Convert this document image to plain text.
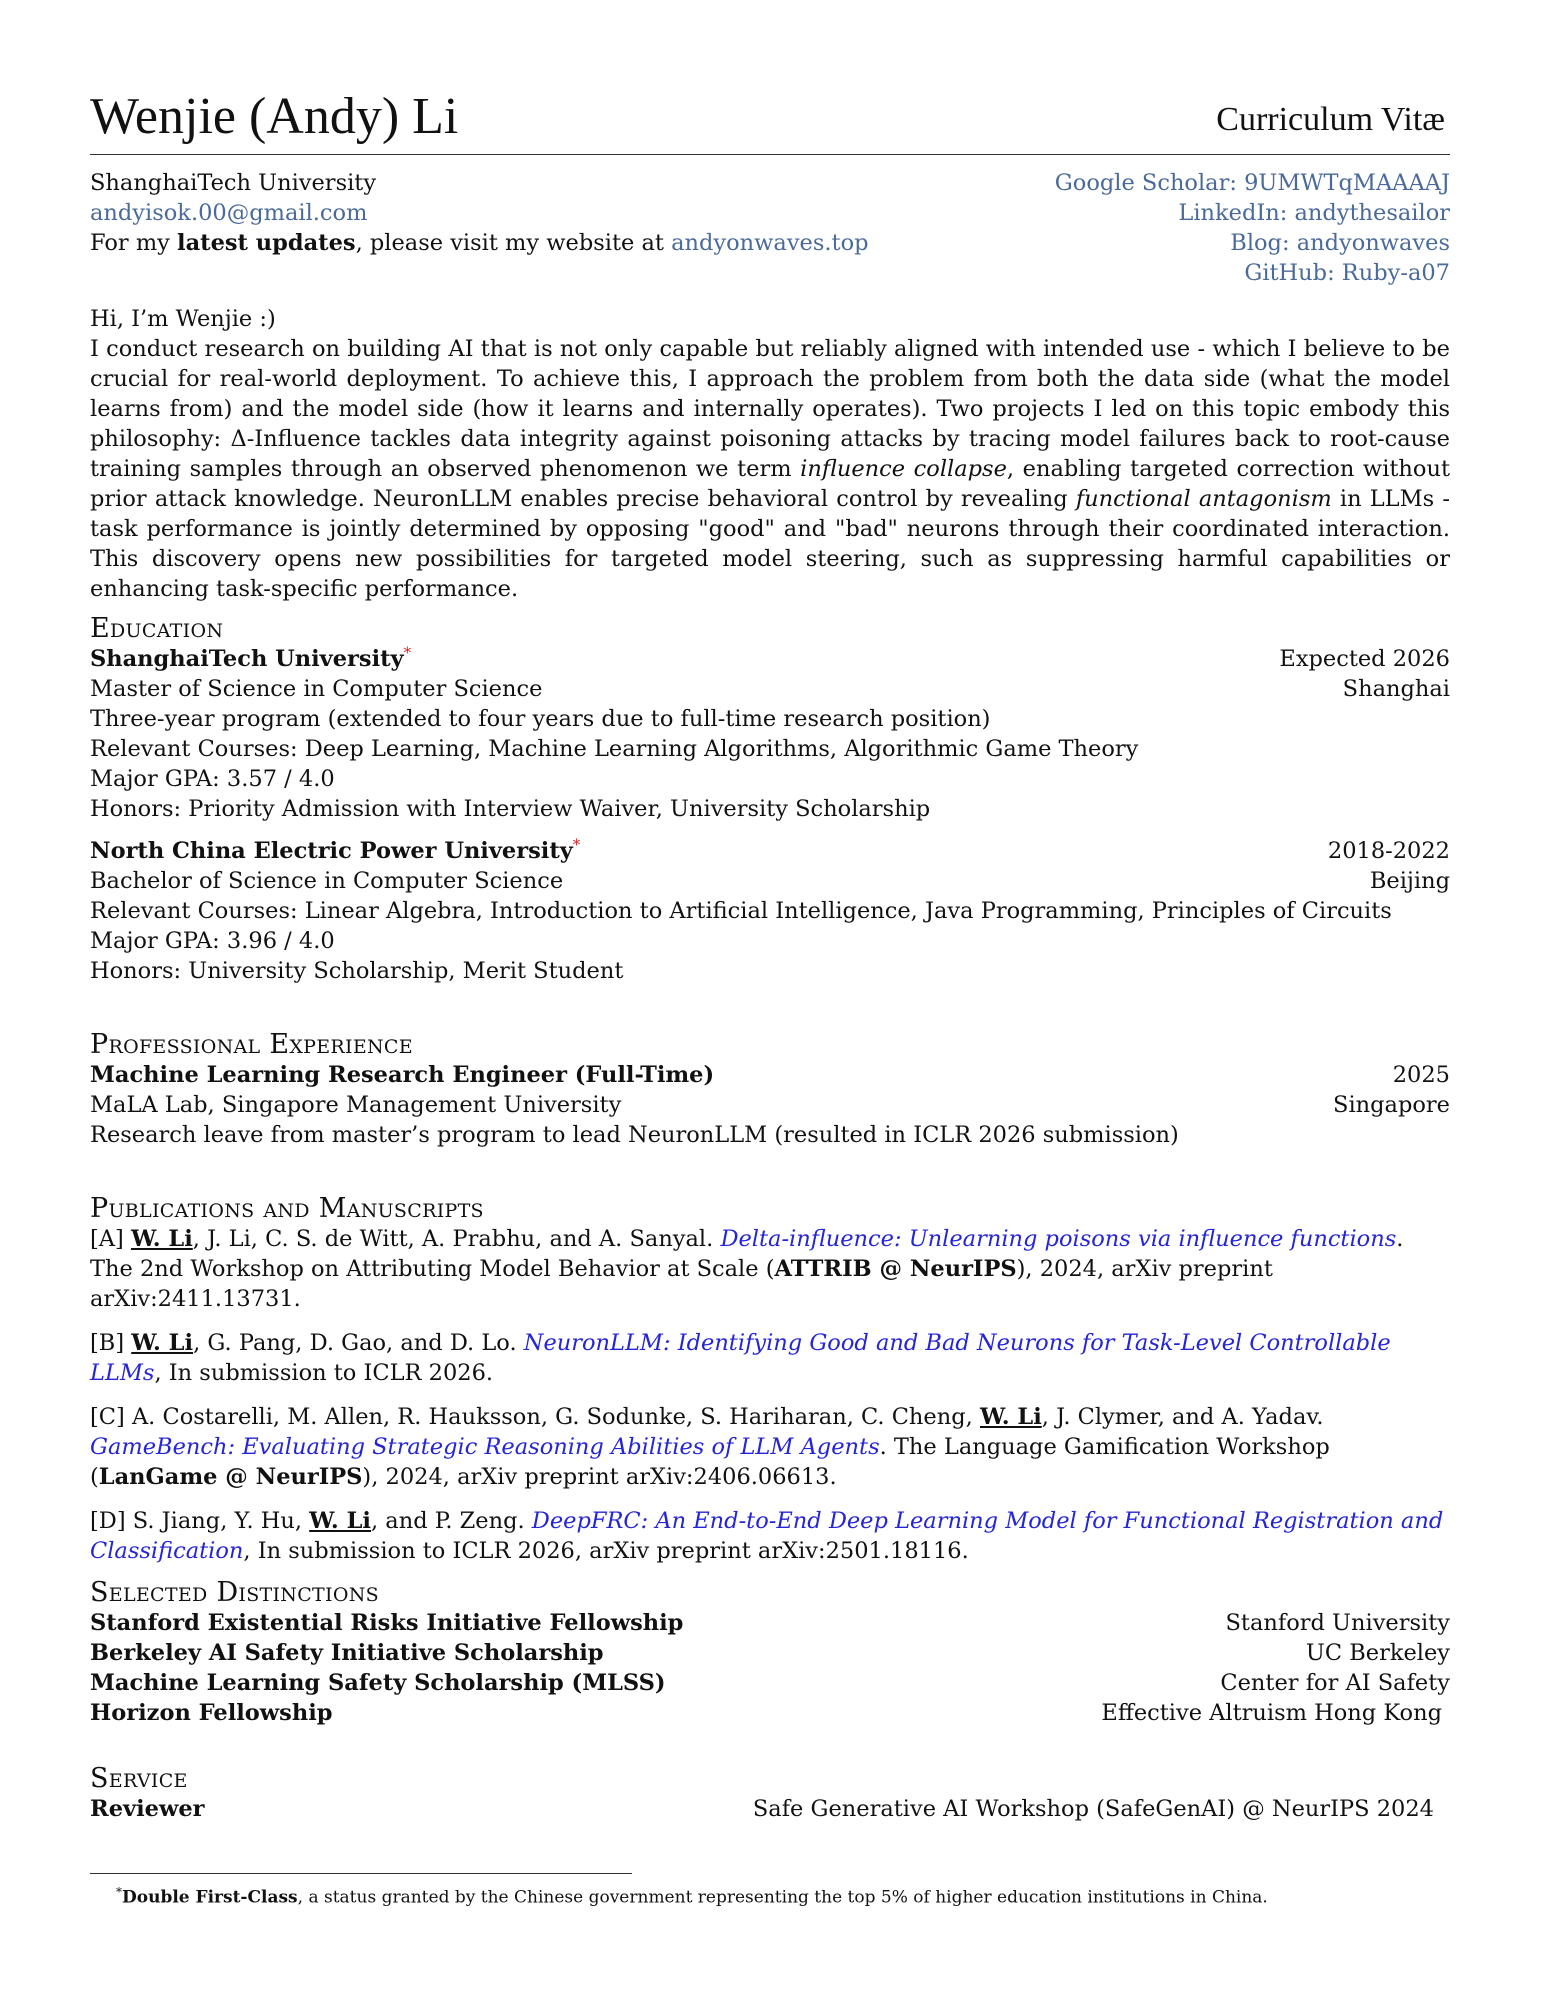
Wenjie (Andy) Li	Curriculum Vitæ
ShanghaiTech University
andyisok.00@gmail.com
For my latest updates, please visit my website at andyonwaves.top
Google Scholar: 9UMWTqMAAAAJ
LinkedIn: andythesailor
Blog: andyonwaves
GitHub: Ruby-a07
Hi, I’m Wenjie :)
I conduct research on building AI that is not only capable but reliably aligned with intended use - which I believe to be crucial for real-world deployment. To achieve this, I approach the problem from both the data side (what the model learns from) and the model side (how it learns and internally operates). Two projects I led on this topic embody this philosophy: Δ-Influence tackles data integrity against poisoning attacks by tracing model failures back to root-cause training samples through an observed phenomenon we term influence collapse, enabling targeted correction without prior attack knowledge. NeuronLLM enables precise behavioral control by revealing functional antagonism in LLMs - task performance is jointly determined by opposing "good" and "bad" neurons through their coordinated interaction. This discovery opens new possibilities for targeted model steering, such as suppressing harmful capabilities or enhancing task-specific performance.
Education
ShanghaiTech University*	Expected 2026
Master of Science in Computer Science	Shanghai
Three-year program (extended to four years due to full-time research position)
Relevant Courses: Deep Learning, Machine Learning Algorithms, Algorithmic Game Theory
Major GPA: 3.57 / 4.0
Honors: Priority Admission with Interview Waiver, University Scholarship
North China Electric Power University*	2018-2022
Bachelor of Science in Computer Science	Beijing
Relevant Courses: Linear Algebra, Introduction to Artificial Intelligence, Java Programming, Principles of Circuits
Major GPA: 3.96 / 4.0
Honors: University Scholarship, Merit Student
Professional Experience
Machine Learning Research Engineer (Full-Time)	2025
MaLA Lab, Singapore Management University	Singapore
Research leave from master’s program to lead NeuronLLM (resulted in ICLR 2026 submission)
Publications and Manuscripts
[A] W. Li, J. Li, C. S. de Witt, A. Prabhu, and A. Sanyal. Delta-influence: Unlearning poisons via influence functions. The 2nd Workshop on Attributing Model Behavior at Scale (ATTRIB @ NeurIPS), 2024, arXiv preprint arXiv:2411.13731.
[B] W. Li, G. Pang, D. Gao, and D. Lo. NeuronLLM: Identifying Good and Bad Neurons for Task-Level Controllable LLMs, In submission to ICLR 2026.
[C] A. Costarelli, M. Allen, R. Hauksson, G. Sodunke, S. Hariharan, C. Cheng, W. Li, J. Clymer, and A. Yadav. GameBench: Evaluating Strategic Reasoning Abilities of LLM Agents. The Language Gamification Workshop (LanGame @ NeurIPS), 2024, arXiv preprint arXiv:2406.06613.
[D] S. Jiang, Y. Hu, W. Li, and P. Zeng. DeepFRC: An End-to-End Deep Learning Model for Functional Registration and Classification, In submission to ICLR 2026, arXiv preprint arXiv:2501.18116.
Selected Distinctions
Stanford Existential Risks Initiative Fellowship	Stanford University
Berkeley AI Safety Initiative Scholarship	UC Berkeley
Machine Learning Safety Scholarship (MLSS)	Center for AI Safety
Horizon Fellowship	Effective Altruism Hong Kong
Service
Reviewer	Safe Generative AI Workshop (SafeGenAI) @ NeurIPS 2024
*Double First-Class, a status granted by the Chinese government representing the top 5% of higher education institutions in China.
